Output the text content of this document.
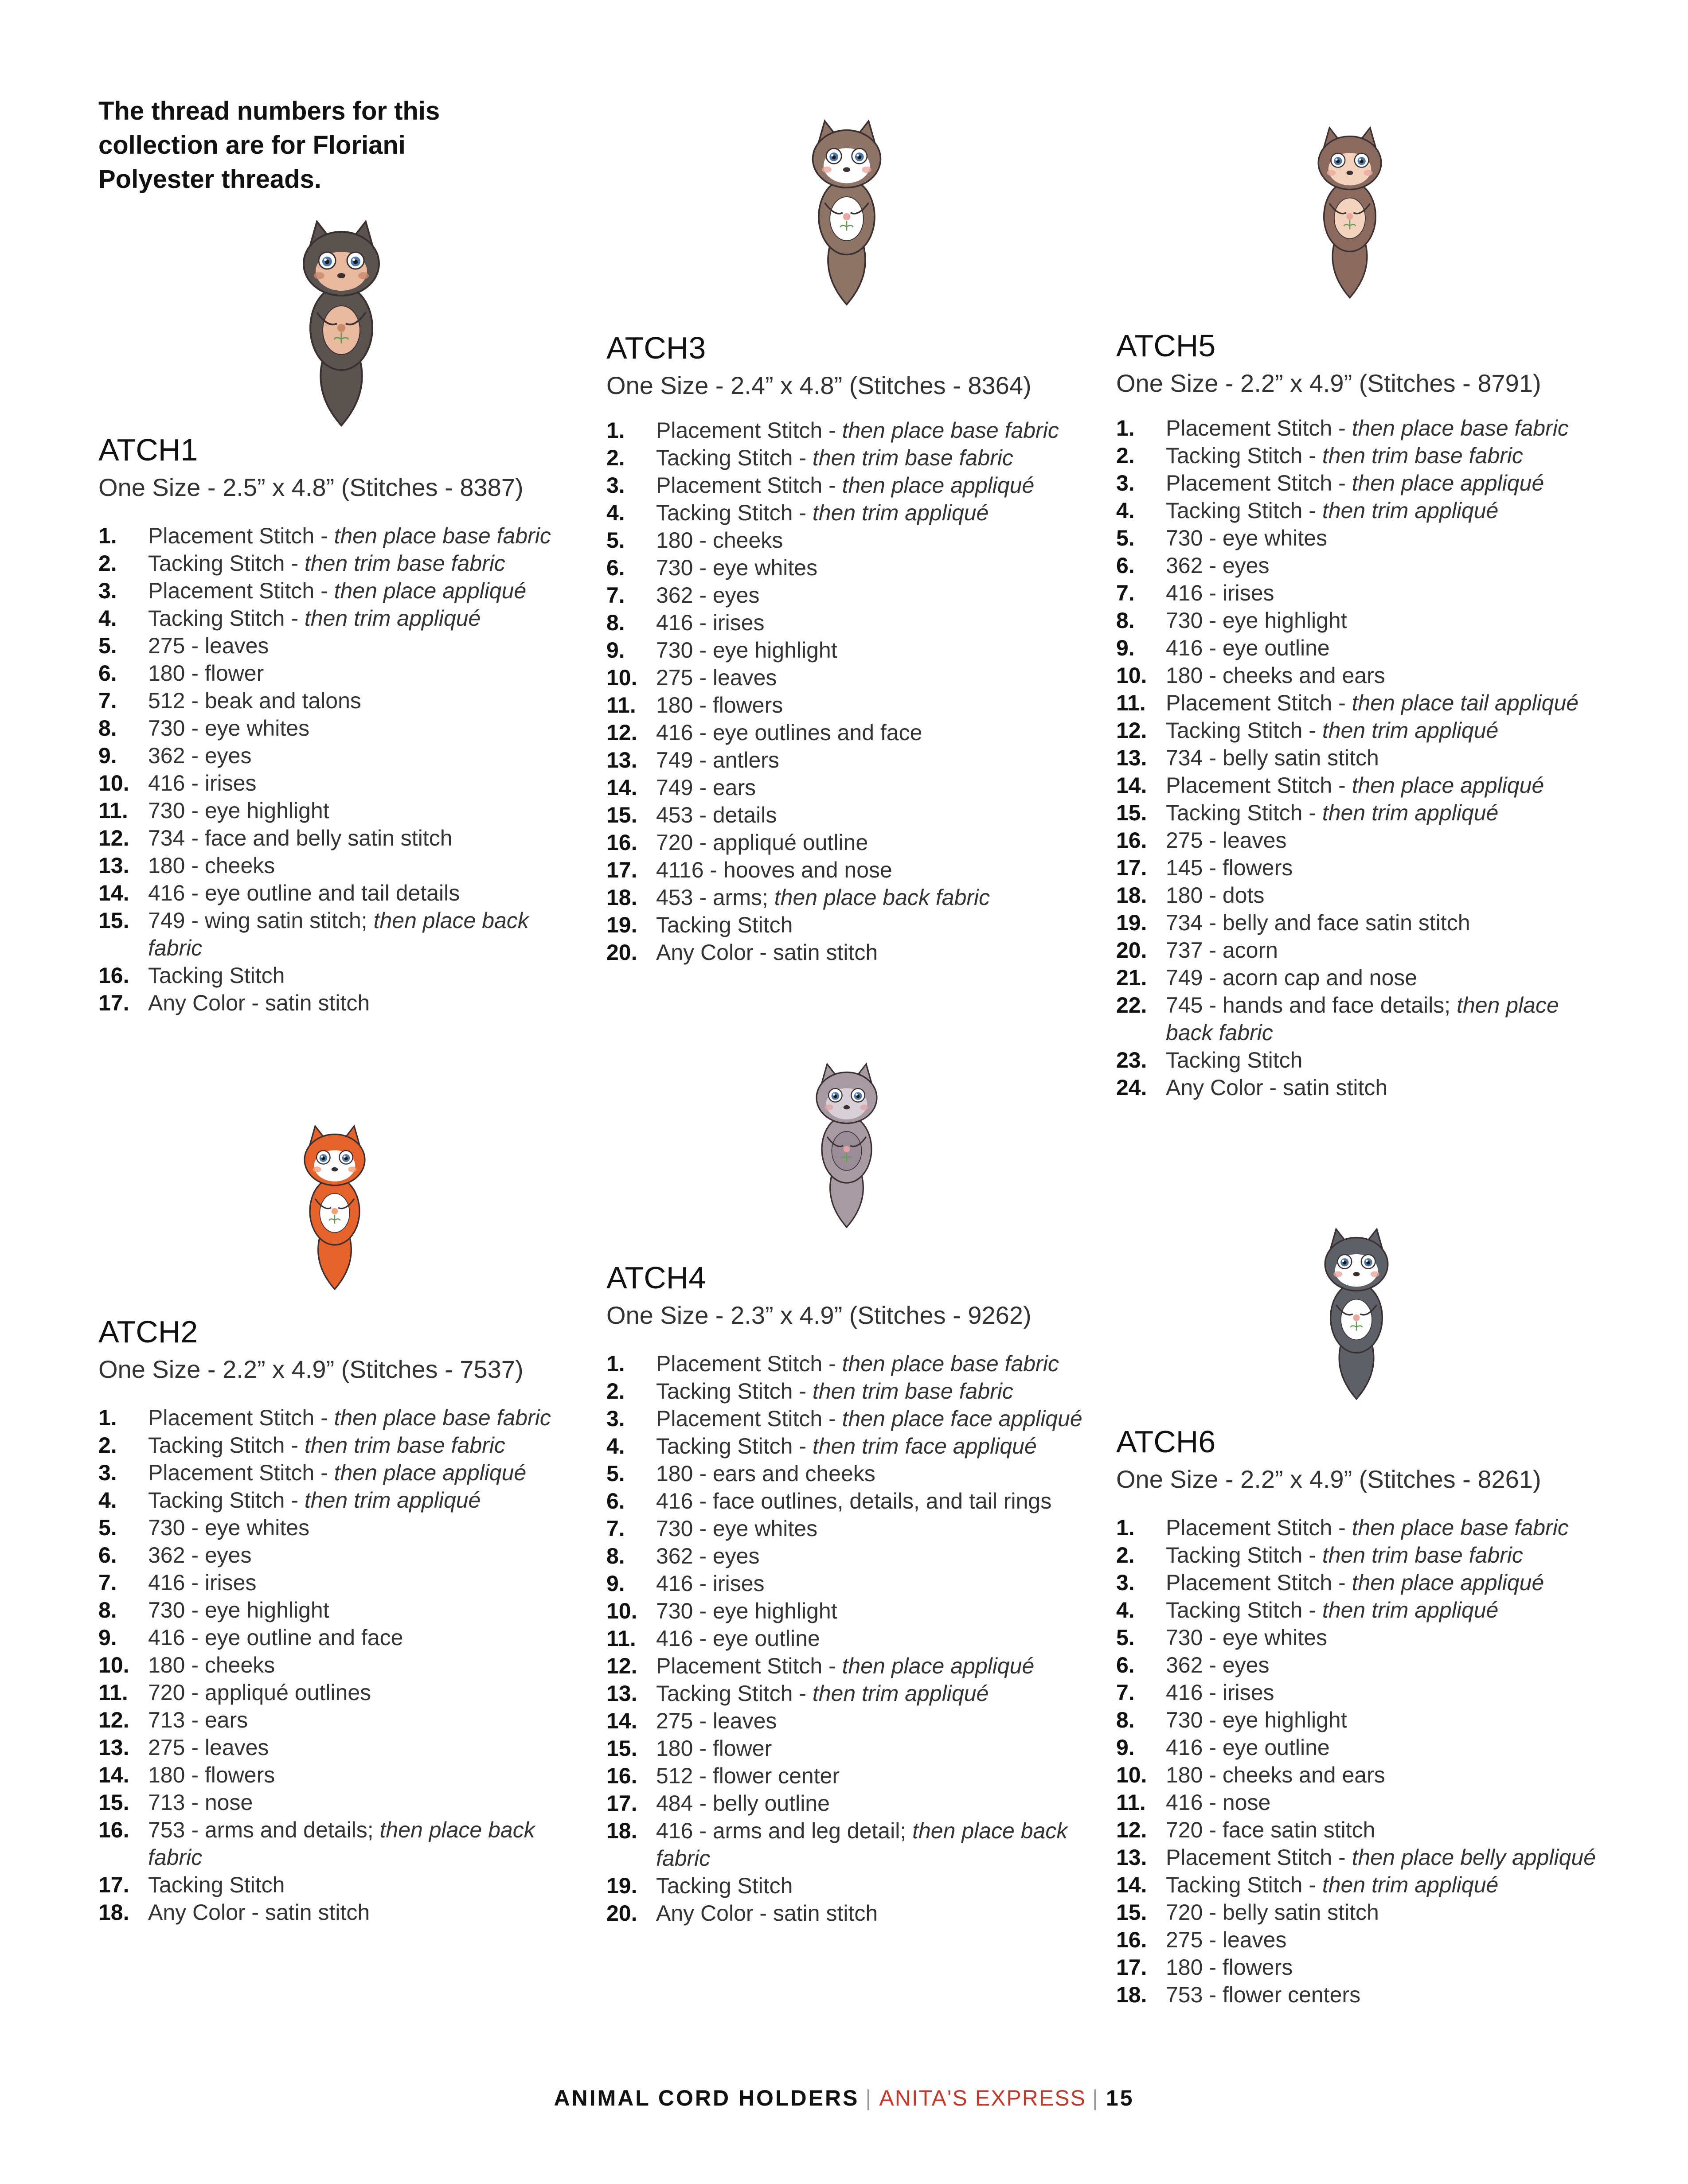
The thread numbers for this collection are for Floriani Polyester threads.
ATCH1

One Size - 2.5” x 4.8” (Stitches - 8387)

1. Placement Stitch - then place base fabric
2. Tacking Stitch - then trim base fabric
3. Placement Stitch - then place appliqué
4. Tacking Stitch - then trim appliqué
5. 275 - leaves
6. 180 - flower
7. 512 - beak and talons
8. 730 - eye whites
9. 362 - eyes
10. 416 - irises
11. 730 - eye highlight
12. 734 - face and belly satin stitch
13. 180 - cheeks
14. 416 - eye outline and tail details
15. 749 - wing satin stitch; then place back fabric
16. Tacking Stitch
17. Any Color - satin stitch
ATCH2

One Size - 2.2” x 4.9” (Stitches - 7537)

1. Placement Stitch - then place base fabric
2. Tacking Stitch - then trim base fabric
3. Placement Stitch - then place appliqué
4. Tacking Stitch - then trim appliqué
5. 730 - eye whites
6. 362 - eyes
7. 416 - irises
8. 730 - eye highlight
9. 416 - eye outline and face
10. 180 - cheeks
11. 720 - appliqué outlines
12. 713 - ears
13. 275 - leaves
14. 180 - flowers
15. 713 - nose
16. 753 - arms and details; then place back fabric
17. Tacking Stitch
18. Any Color - satin stitch
ATCH3

One Size - 2.4” x 4.8” (Stitches - 8364)

1. Placement Stitch - then place base fabric
2. Tacking Stitch - then trim base fabric
3. Placement Stitch - then place appliqué
4. Tacking Stitch - then trim appliqué
5. 180 - cheeks
6. 730 - eye whites
7. 362 - eyes
8. 416 - irises
9. 730 - eye highlight
10. 275 - leaves
11. 180 - flowers
12. 416 - eye outlines and face
13. 749 - antlers
14. 749 - ears
15. 453 - details
16. 720 - appliqué outline
17. 4116 - hooves and nose
18. 453 - arms; then place back fabric
19. Tacking Stitch
20. Any Color - satin stitch
ATCH4

One Size - 2.3” x 4.9” (Stitches - 9262)

1. Placement Stitch - then place base fabric
2. Tacking Stitch - then trim base fabric
3. Placement Stitch - then place face appliqué
4. Tacking Stitch - then trim face appliqué
5. 180 - ears and cheeks
6. 416 - face outlines, details, and tail rings
7. 730 - eye whites
8. 362 - eyes
9. 416 - irises
10. 730 - eye highlight
11. 416 - eye outline
12. Placement Stitch - then place appliqué
13. Tacking Stitch - then trim appliqué
14. 275 - leaves
15. 180 - flower
16. 512 - flower center
17. 484 - belly outline
18. 416 - arms and leg detail; then place back fabric
19. Tacking Stitch
20. Any Color - satin stitch
ATCH5

One Size - 2.2” x 4.9” (Stitches - 8791)

1. Placement Stitch - then place base fabric
2. Tacking Stitch - then trim base fabric
3. Placement Stitch - then place appliqué
4. Tacking Stitch - then trim appliqué
5. 730 - eye whites
6. 362 - eyes
7. 416 - irises
8. 730 - eye highlight
9. 416 - eye outline
10. 180 - cheeks and ears
11. Placement Stitch - then place tail appliqué
12. Tacking Stitch - then trim appliqué
13. 734 - belly satin stitch
14. Placement Stitch - then place appliqué
15. Tacking Stitch - then trim appliqué
16. 275 - leaves
17. 145 - flowers
18. 180 - dots
19. 734 - belly and face satin stitch
20. 737 - acorn
21. 749 - acorn cap and nose
22. 745 - hands and face details; then place back fabric
23. Tacking Stitch
24. Any Color - satin stitch
ATCH6

One Size - 2.2” x 4.9” (Stitches - 8261)

1. Placement Stitch - then place base fabric
2. Tacking Stitch - then trim base fabric
3. Placement Stitch - then place appliqué
4. Tacking Stitch - then trim appliqué
5. 730 - eye whites
6. 362 - eyes
7. 416 - irises
8. 730 - eye highlight
9. 416 - eye outline
10. 180 - cheeks and ears
11. 416 - nose
12. 720 - face satin stitch
13. Placement Stitch - then place belly appliqué
14. Tacking Stitch - then trim appliqué
15. 720 - belly satin stitch
16. 275 - leaves
17. 180 - flowers
18. 753 - flower centers
ANIMAL CORD HOLDERS | ANITA'S EXPRESS | 15
